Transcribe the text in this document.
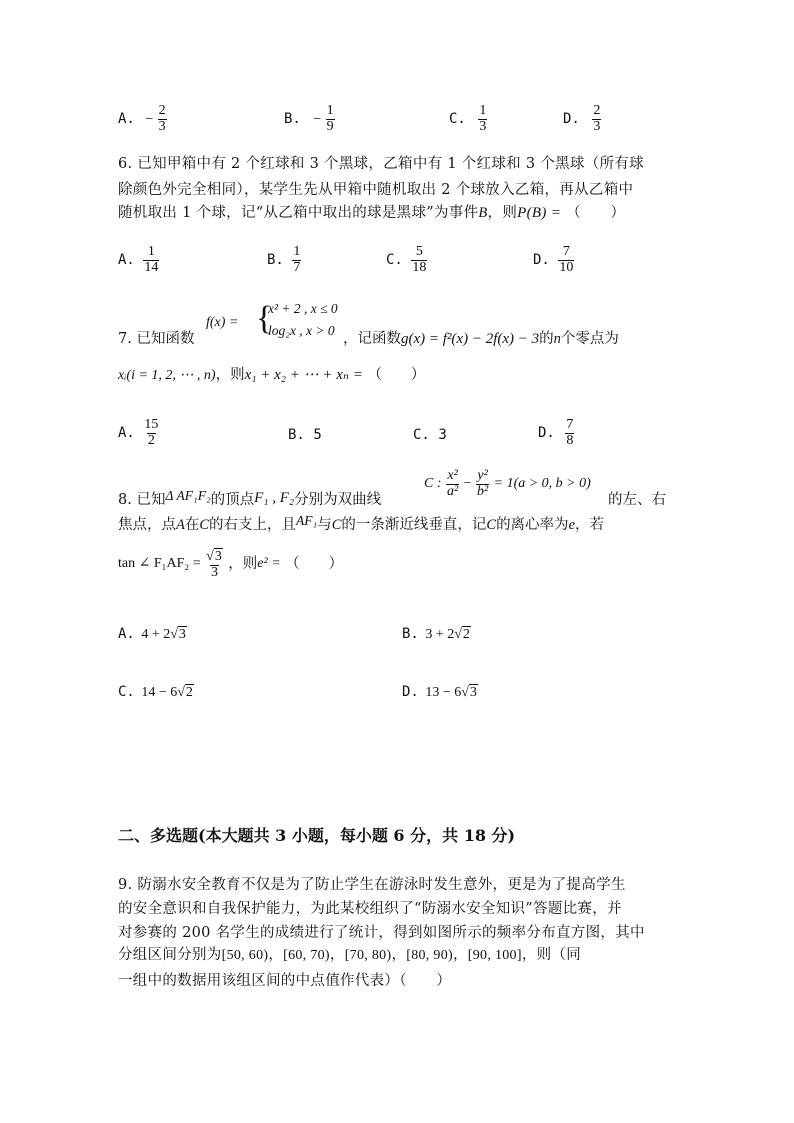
A. − $\frac{2}{3}$	B. − $\frac{1}{9}$	C. $\frac{1}{3}$	D. $\frac{2}{3}$
6. 已知甲箱中有 2 个红球和 3 个黑球，乙箱中有 1 个红球和 3 个黑球（所有球
除颜色外完全相同），某学生先从甲箱中随机取出 2 个球放入乙箱，再从乙箱中
随机取出 1 个球，记“从乙箱中取出的球是黑球”为事件B，则P(B) = （　　）
A. $\frac{1}{14}$	B. $\frac{1}{7}$	C. $\frac{5}{18}$	D. $\frac{7}{10}$
7. 已知函数
f(x) = {
x² + 2 , x ≤ 0
log₂x , x > 0
，记函数g(x) = f²(x) − 2f(x) − 3的n个零点为
xᵢ(i = 1, 2, ⋯ , n)，则x₁ + x₂ + ⋯ + xₙ = （　　）
A. $\frac{15}{2}$	B. 5	C. 3	D. $\frac{7}{8}$
8. 已知Δ AF₁F₂的顶点F₁ , F₂分别为双曲线
C : $\frac{\text{x²}}{\text{a²}} - \frac{\text{y²}}{\text{b²}} = 1(a > 0$, b > 0)
的左、右
焦点，点A在C的右支上，且AF₁与C的一条渐近线垂直，记C的离心率为e，若
tan ∠ $F_1AF_2 = \frac{√3}{3}$ ，则e² = （　　）
A. 4 + 2√3	B. 3 + 2√2
C. 14 − 6√2	D. 13 − 6√3
二、多选题(本大题共 3 小题，每小题 6 分，共 18 分)
9. 防溺水安全教育不仅是为了防止学生在游泳时发生意外，更是为了提高学生
的安全意识和自我保护能力，为此某校组织了“防溺水安全知识”答题比赛，并
对参赛的 200 名学生的成绩进行了统计，得到如图所示的频率分布直方图，其中
分组区间分别为[50, 60)，[60, 70)，[70, 80)，[80, 90)，[90, 100]，则（同
一组中的数据用该组区间的中点值作代表）（　　）
